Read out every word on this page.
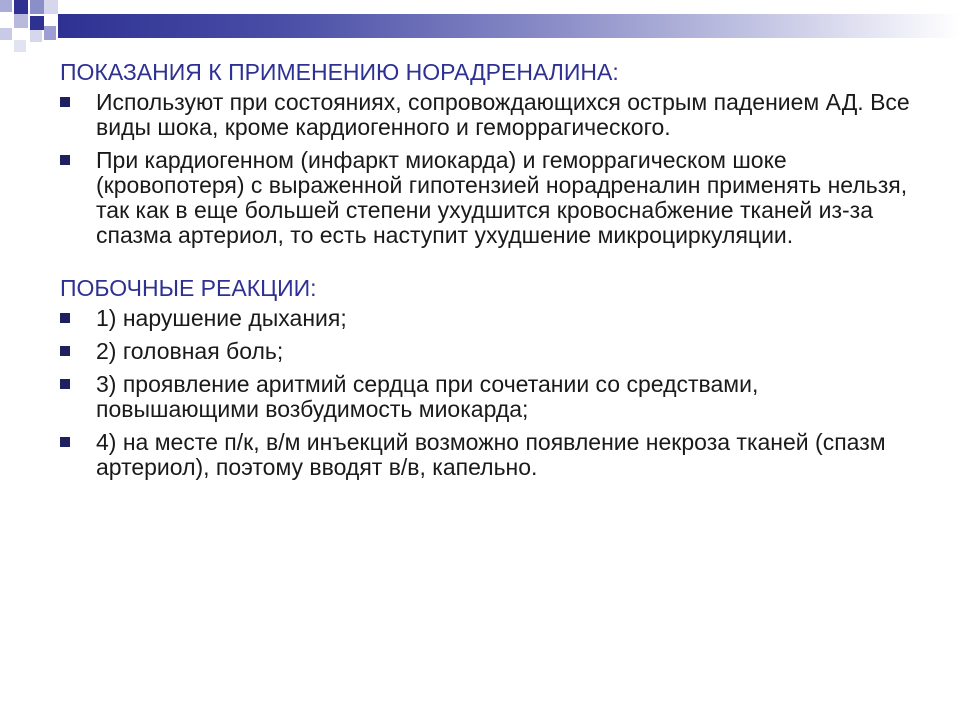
ПОКАЗАНИЯ К ПРИМЕНЕНИЮ НОРАДРЕНАЛИНА:
Используют при состояниях, сопровождающихся острым падением АД. Все виды шока, кроме кардиогенного и геморрагического.
При кардиогенном (инфаркт миокарда) и геморрагическом шоке (кровопотеря) с выраженной гипотензией норадреналин применять нельзя, так как в еще большей степени ухудшится кровоснабжение тканей из-за спазма артериол, то есть наступит ухудшение микроциркуляции.
ПОБОЧНЫЕ РЕАКЦИИ:
1) нарушение дыхания;
2) головная боль;
3) проявление аритмий сердца при сочетании со средствами, повышающими возбудимость миокарда;
4) на месте п/к, в/м инъекций возможно появление некроза тканей (спазм артериол), поэтому вводят в/в, капельно.
